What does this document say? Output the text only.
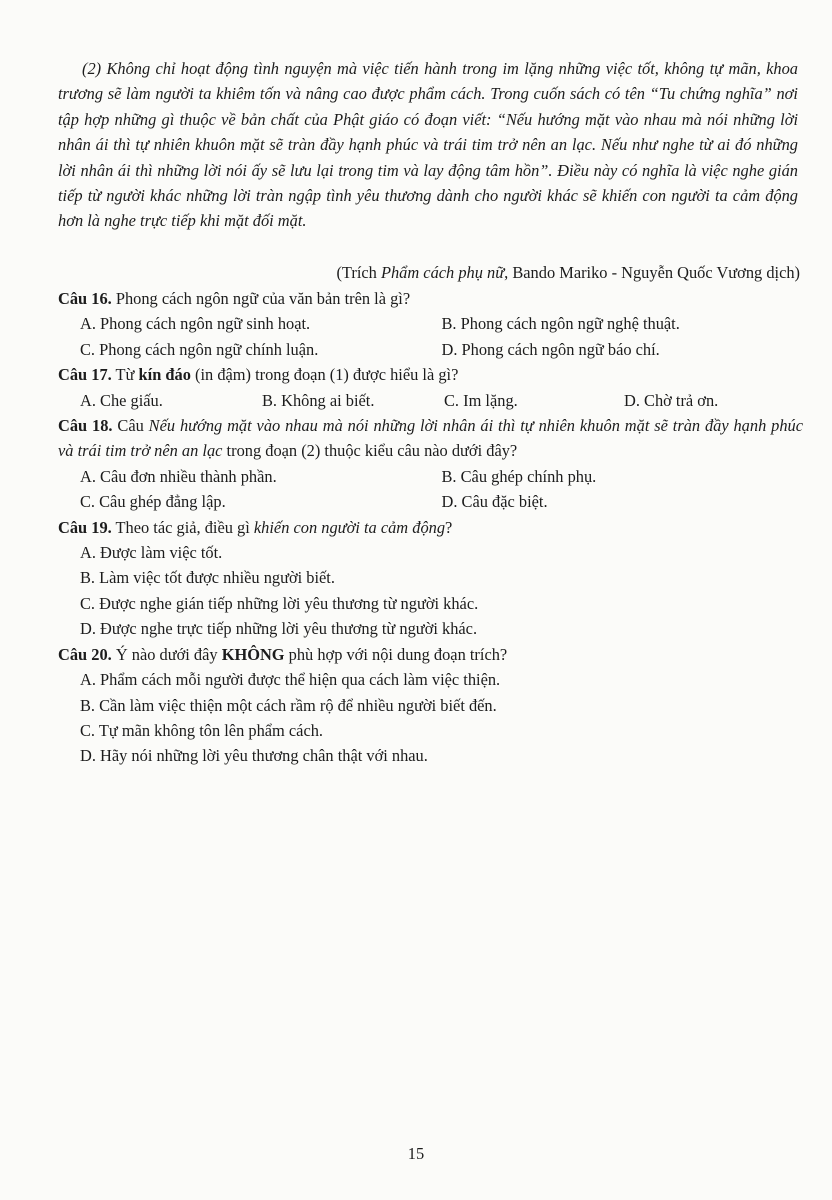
(2) Không chỉ hoạt động tình nguyện mà việc tiến hành trong im lặng những việc tốt, không tự mãn, khoa trương sẽ làm người ta khiêm tốn và nâng cao được phẩm cách. Trong cuốn sách có tên “Tu chứng nghĩa” nơi tập hợp những gì thuộc về bản chất của Phật giáo có đoạn viết: “Nếu hướng mặt vào nhau mà nói những lời nhân ái thì tự nhiên khuôn mặt sẽ tràn đầy hạnh phúc và trái tim trở nên an lạc. Nếu như nghe từ ai đó những lời nhân ái thì những lời nói ấy sẽ lưu lại trong tim và lay động tâm hồn”. Điều này có nghĩa là việc nghe gián tiếp từ người khác những lời tràn ngập tình yêu thương dành cho người khác sẽ khiến con người ta cảm động hơn là nghe trực tiếp khi mặt đối mặt.
(Trích Phẩm cách phụ nữ, Bando Mariko - Nguyễn Quốc Vương dịch)
Câu 16. Phong cách ngôn ngữ của văn bản trên là gì?
A. Phong cách ngôn ngữ sinh hoạt.	B. Phong cách ngôn ngữ nghệ thuật.
C. Phong cách ngôn ngữ chính luận.	D. Phong cách ngôn ngữ báo chí.
Câu 17. Từ kín đáo (in đậm) trong đoạn (1) được hiểu là gì?
A. Che giấu.	B. Không ai biết.	C. Im lặng.	D. Chờ trả ơn.
Câu 18. Câu Nếu hướng mặt vào nhau mà nói những lời nhân ái thì tự nhiên khuôn mặt sẽ tràn đầy hạnh phúc và trái tim trở nên an lạc trong đoạn (2) thuộc kiểu câu nào dưới đây?
A. Câu đơn nhiều thành phần.	B. Câu ghép chính phụ.
C. Câu ghép đẳng lập.	D. Câu đặc biệt.
Câu 19. Theo tác giả, điều gì khiến con người ta cảm động?
A. Được làm việc tốt.
B. Làm việc tốt được nhiều người biết.
C. Được nghe gián tiếp những lời yêu thương từ người khác.
D. Được nghe trực tiếp những lời yêu thương từ người khác.
Câu 20. Ý nào dưới đây KHÔNG phù hợp với nội dung đoạn trích?
A. Phẩm cách mỗi người được thể hiện qua cách làm việc thiện.
B. Cần làm việc thiện một cách rầm rộ để nhiều người biết đến.
C. Tự mãn không tôn lên phẩm cách.
D. Hãy nói những lời yêu thương chân thật với nhau.
15
